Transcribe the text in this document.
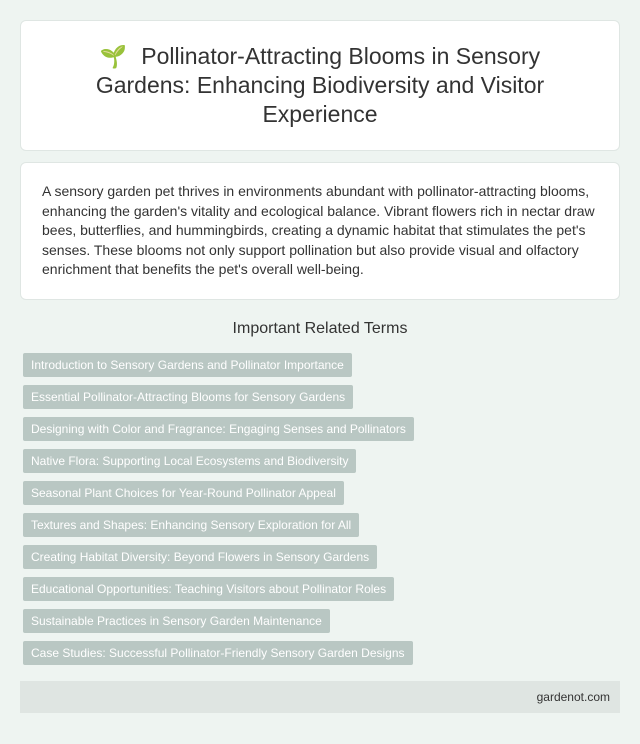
🌱 Pollinator-Attracting Blooms in Sensory Gardens: Enhancing Biodiversity and Visitor Experience

A sensory garden pet thrives in environments abundant with pollinator-attracting blooms, enhancing the garden's vitality and ecological balance. Vibrant flowers rich in nectar draw bees, butterflies, and hummingbirds, creating a dynamic habitat that stimulates the pet's senses. These blooms not only support pollination but also provide visual and olfactory enrichment that benefits the pet's overall well-being.

Important Related Terms
Introduction to Sensory Gardens and Pollinator Importance
Essential Pollinator-Attracting Blooms for Sensory Gardens
Designing with Color and Fragrance: Engaging Senses and Pollinators
Native Flora: Supporting Local Ecosystems and Biodiversity
Seasonal Plant Choices for Year-Round Pollinator Appeal
Textures and Shapes: Enhancing Sensory Exploration for All
Creating Habitat Diversity: Beyond Flowers in Sensory Gardens
Educational Opportunities: Teaching Visitors about Pollinator Roles
Sustainable Practices in Sensory Garden Maintenance
Case Studies: Successful Pollinator-Friendly Sensory Garden Designs
gardenot.com
